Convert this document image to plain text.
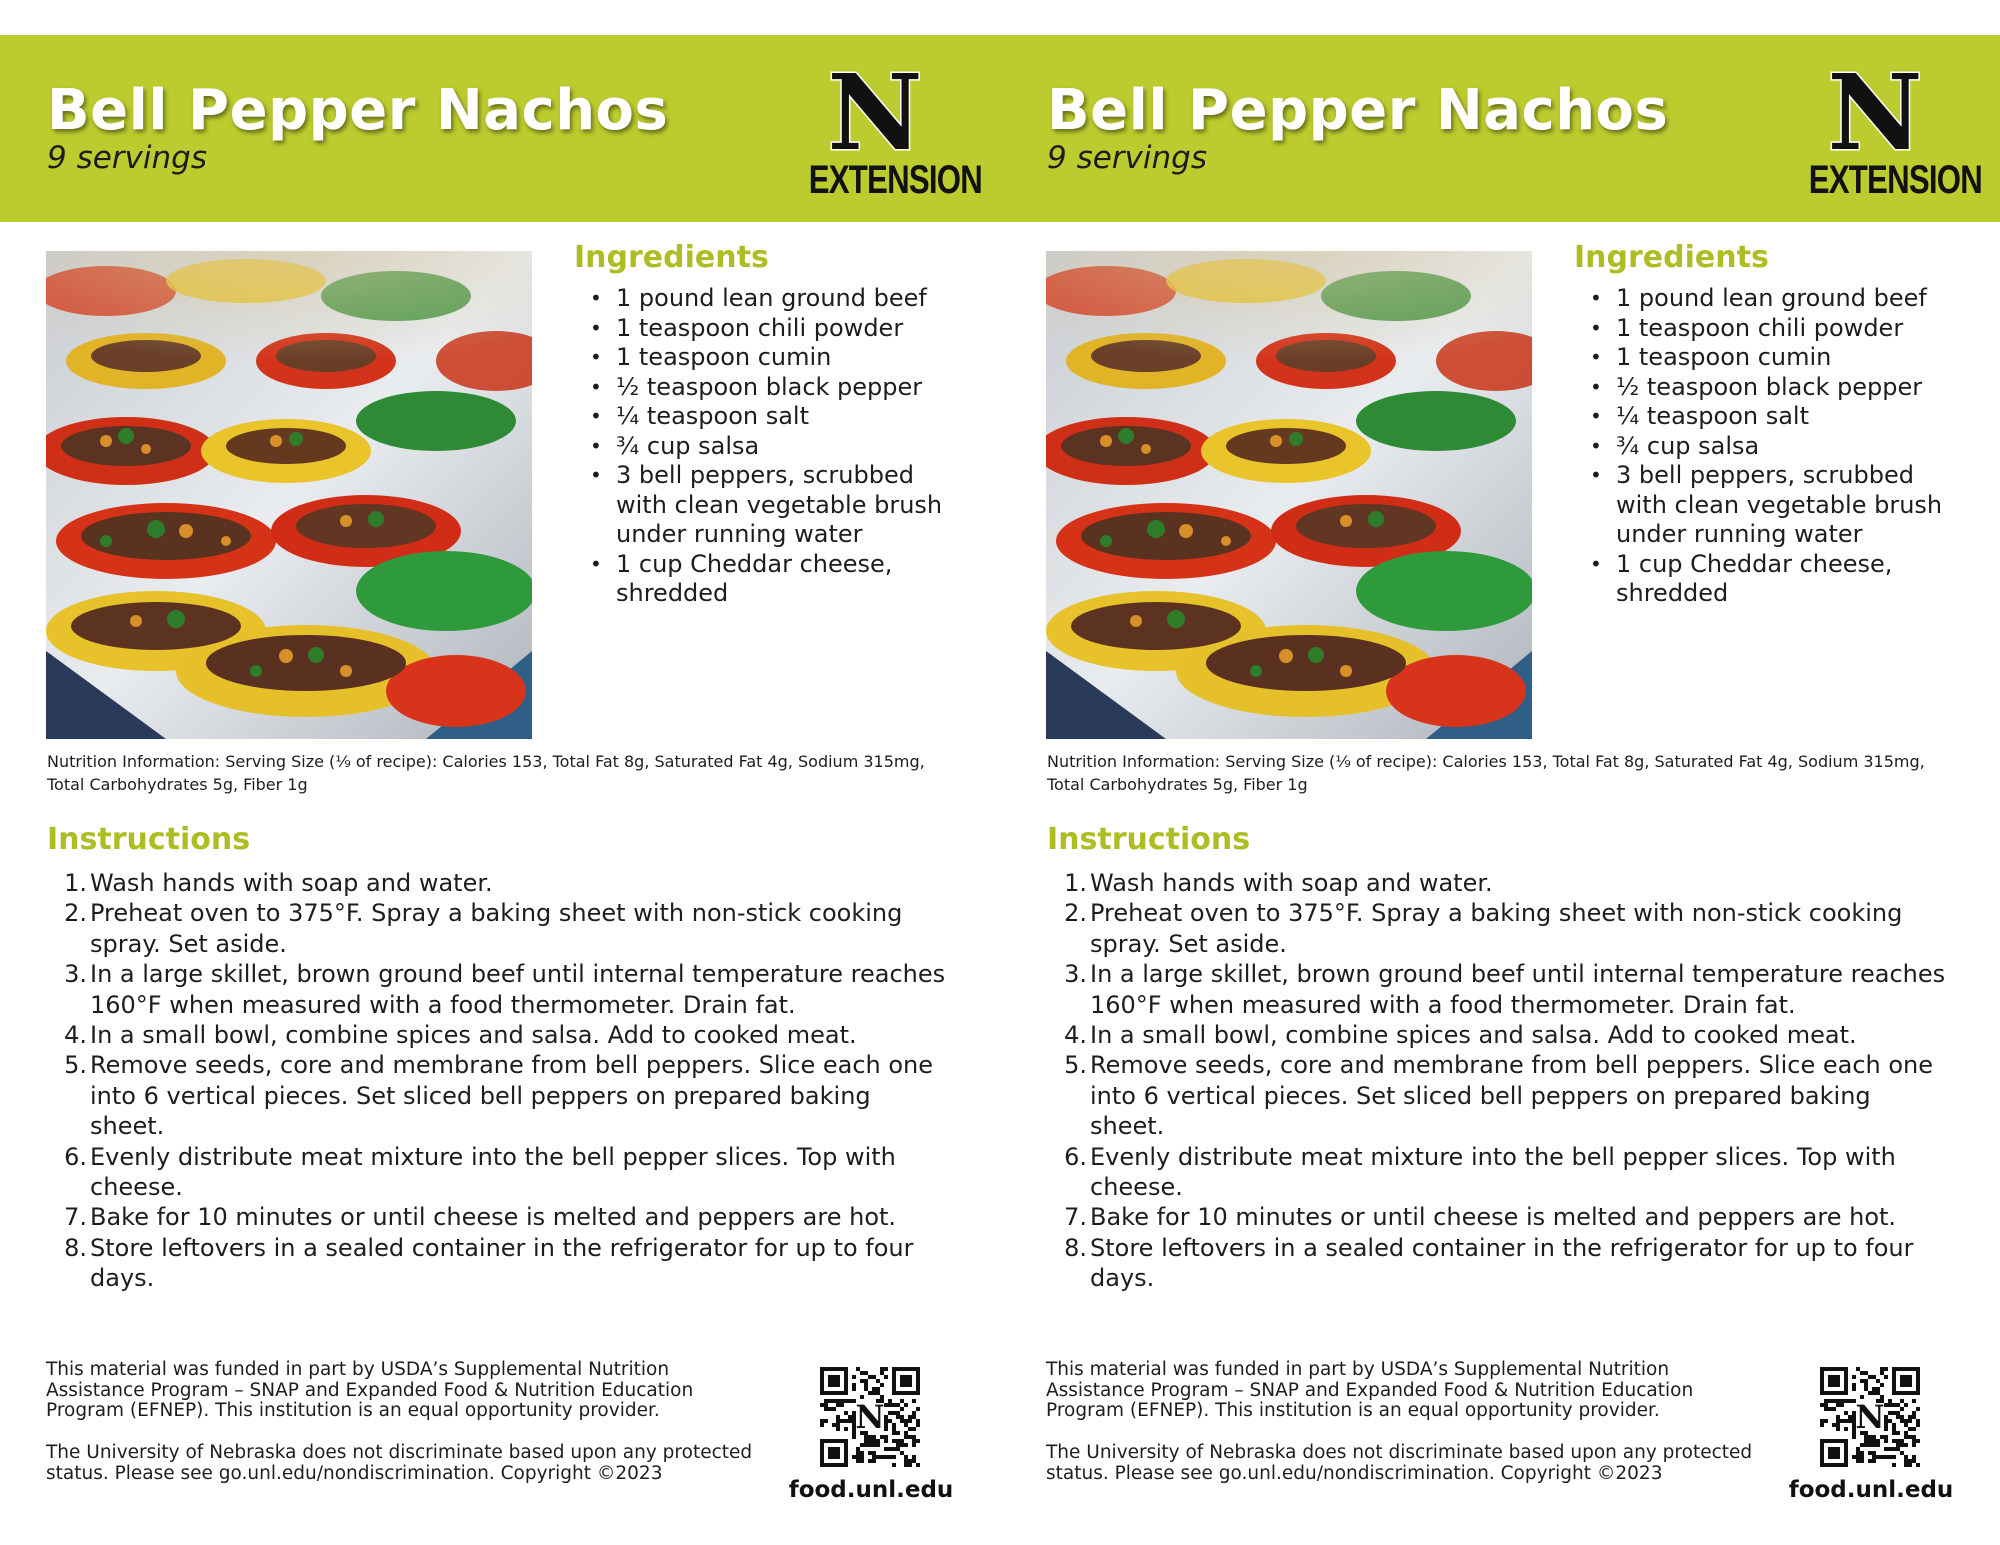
Bell Pepper Nachos
9 servings	N
EXTENSION
Ingredients
• 1 pound lean ground beef
• 1 teaspoon chili powder
• 1 teaspoon cumin
• ½ teaspoon black pepper
• ¼ teaspoon salt
• ¾ cup salsa
• 3 bell peppers, scrubbed with clean vegetable brush under running water
• 1 cup Cheddar cheese, shredded

Nutrition Information: Serving Size (⅑ of recipe): Calories 153, Total Fat 8g, Saturated Fat 4g, Sodium 315mg, Total Carbohydrates 5g, Fiber 1g

Instructions
1. Wash hands with soap and water.
2. Preheat oven to 375°F. Spray a baking sheet with non-stick cooking spray. Set aside.
3. In a large skillet, brown ground beef until internal temperature reaches 160°F when measured with a food thermometer. Drain fat.
4. In a small bowl, combine spices and salsa. Add to cooked meat.
5. Remove seeds, core and membrane from bell peppers. Slice each one into 6 vertical pieces. Set sliced bell peppers on prepared baking sheet.
6. Evenly distribute meat mixture into the bell pepper slices. Top with cheese.
7. Bake for 10 minutes or until cheese is melted and peppers are hot.
8. Store leftovers in a sealed container in the refrigerator for up to four days.

This material was funded in part by USDA’s Supplemental Nutrition Assistance Program – SNAP and Expanded Food & Nutrition Education Program (EFNEP). This institution is an equal opportunity provider.

The University of Nebraska does not discriminate based upon any protected status. Please see go.unl.edu/nondiscrimination. Copyright ©2023

N
food.unl.edu
Bell Pepper Nachos
9 servings	N
EXTENSION
Ingredients
• 1 pound lean ground beef
• 1 teaspoon chili powder
• 1 teaspoon cumin
• ½ teaspoon black pepper
• ¼ teaspoon salt
• ¾ cup salsa
• 3 bell peppers, scrubbed with clean vegetable brush under running water
• 1 cup Cheddar cheese, shredded

Nutrition Information: Serving Size (⅑ of recipe): Calories 153, Total Fat 8g, Saturated Fat 4g, Sodium 315mg, Total Carbohydrates 5g, Fiber 1g

Instructions
1. Wash hands with soap and water.
2. Preheat oven to 375°F. Spray a baking sheet with non-stick cooking spray. Set aside.
3. In a large skillet, brown ground beef until internal temperature reaches 160°F when measured with a food thermometer. Drain fat.
4. In a small bowl, combine spices and salsa. Add to cooked meat.
5. Remove seeds, core and membrane from bell peppers. Slice each one into 6 vertical pieces. Set sliced bell peppers on prepared baking sheet.
6. Evenly distribute meat mixture into the bell pepper slices. Top with cheese.
7. Bake for 10 minutes or until cheese is melted and peppers are hot.
8. Store leftovers in a sealed container in the refrigerator for up to four days.

This material was funded in part by USDA’s Supplemental Nutrition Assistance Program – SNAP and Expanded Food & Nutrition Education Program (EFNEP). This institution is an equal opportunity provider.

The University of Nebraska does not discriminate based upon any protected status. Please see go.unl.edu/nondiscrimination. Copyright ©2023

N
food.unl.edu
